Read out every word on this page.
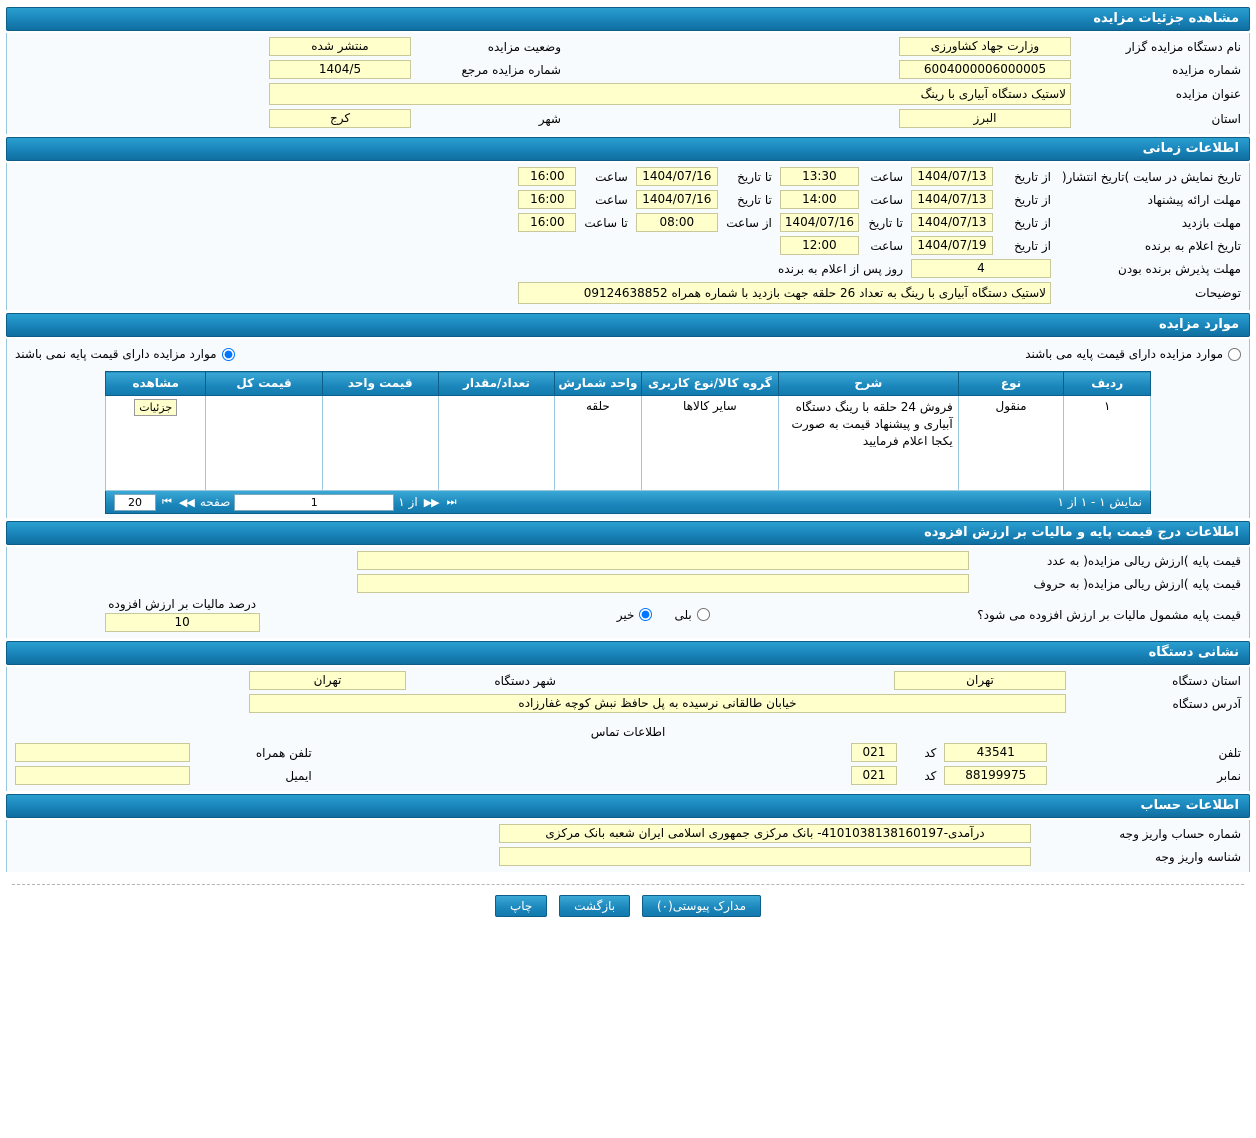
مشاهده جزئیات مزایده
نام دستگاه مزایده گزار	وزارت جهاد کشاورزی		وضعیت مزایده	منتشر شده	

شماره مزایده	6004000006000005		شماره مزایده مرجع	1404/5	

عنوان مزایده	لاستیک دستگاه آبیاری با رینگ				

استان	البرز		شهر	کرج	

اطلاعات زمانی
تاریخ نمایش در سایت )تاریخ انتشار(	از تاریخ	1404/07/13	ساعت	13:30	تا تاریخ	1404/07/16	ساعت	16:00	

مهلت ارائه پیشنهاد	از تاریخ	1404/07/13	ساعت	14:00	تا تاریخ	1404/07/16	ساعت	16:00	

مهلت بازدید	از تاریخ	1404/07/13	تا تاریخ	1404/07/16	از ساعت	08:00	تا ساعت	16:00	

تاریخ اعلام به برنده	از تاریخ	1404/07/19	ساعت	12:00					

مهلت پذیرش برنده بودن	4		روز پس از اعلام به برنده						
توضیحات	لاستیک دستگاه آبیاری با رینگ به تعداد 26 حلقه جهت بازدید با شماره همراه 09124638852								
موارد مزایده
موارد مزایده دارای قیمت پایه می باشند
موارد مزایده دارای قیمت پایه نمی باشند
ردیف	نوع	شرح	گروه کالا/نوع کاربری	واحد شمارش	تعداد/مقدار	قیمت واحد	قیمت کل	مشاهده
۱	منقول	فروش 24 حلقه با رینگ دستگاه آبیاری و پیشنهاد قیمت به صورت یکجا اعلام فرمایید	سایر کالاها	حلقه				جزئیات
نمایش ۱ - ۱ از ۱
⏭
▶▶
از ۱
1
صفحه
◀◀
⏮
20
اطلاعات درج قیمت پایه و مالیات بر ارزش افزوده
قیمت پایه )ارزش ریالی مزایده( به عدد	

قیمت پایه )ارزش ریالی مزایده( به حروف	

قیمت پایه مشمول مالیات بر ارزش افزوده می شود؟	
بلی
خیر

درصد مالیات بر ارزش افزوده
10
نشانی دستگاه
استان دستگاه	تهران		شهر دستگاه	تهران	

آدرس دستگاه	خیابان طالقانی نرسیده به پل حافظ نبش کوچه غفارزاده				

اطلاعات تماس
تلفن	43541	کد	021		تلفن همراه	

نمابر	88199975	کد	021		ایمیل	
اطلاعات حساب
شماره حساب واریز وجه	درآمدی-4101038138160197- بانک مرکزی جمهوری اسلامی ایران شعبه بانک مرکزی	

شناسه واریز وجه	

مدارک پیوستی(۰) بازگشت چاپ
